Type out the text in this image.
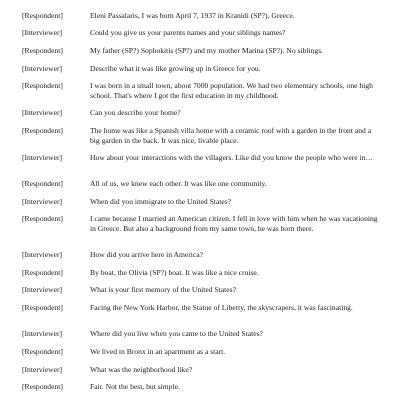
[Respondent]	Eleni Passalaris, I was born April 7, 1937 in Kranidi (SP?), Greece.
[Interviewer]	Could you give us your parents names and your siblings names?
[Respondent]	My father (SP?) Sophokitis (SP?) and my mother Marina (SP?). No siblings.
[Interviewer]	Describe what it was like growing up in Greece for you.
[Respondent]	I was born in a small town, about 7000 population. We had two elementary schools, one high school. That's where I got the first education in my childhood.
[Interviewer]	Can you describe your home?
[Respondent]	The home was like a Spanish villa home with a ceramic roof with a garden in the front and a big garden in the back. It was nice, livable place.
[Interviewer]	How about your interactions with the villagers. Like did you know the people who were in…
[Respondent]	All of us, we knew each other. It was like one community.
[Interviewer]	When did you immigrate to the United States?
[Respondent]	I came because I married an American citizen. I fell in love with him when he was vacationing in Greece. But also a background from my same town, he was born there.
[Interviewer]	How did you arrive here in America?
[Respondent]	By boat, the Olivia (SP?) boat. It was like a nice cruise.
[Interviewer]	What is your first memory of the United States?
[Respondent]	Facing the New York Harbor, the Statue of Liberty, the skyscrapers, it was fascinating.
[Interviewer]	Where did you live when you came to the United States?
[Respondent]	We lived in Bronx in an apartment as a start.
[Interviewer]	What was the neighborhood like?
[Respondent]	Fair. Not the best, but simple.
